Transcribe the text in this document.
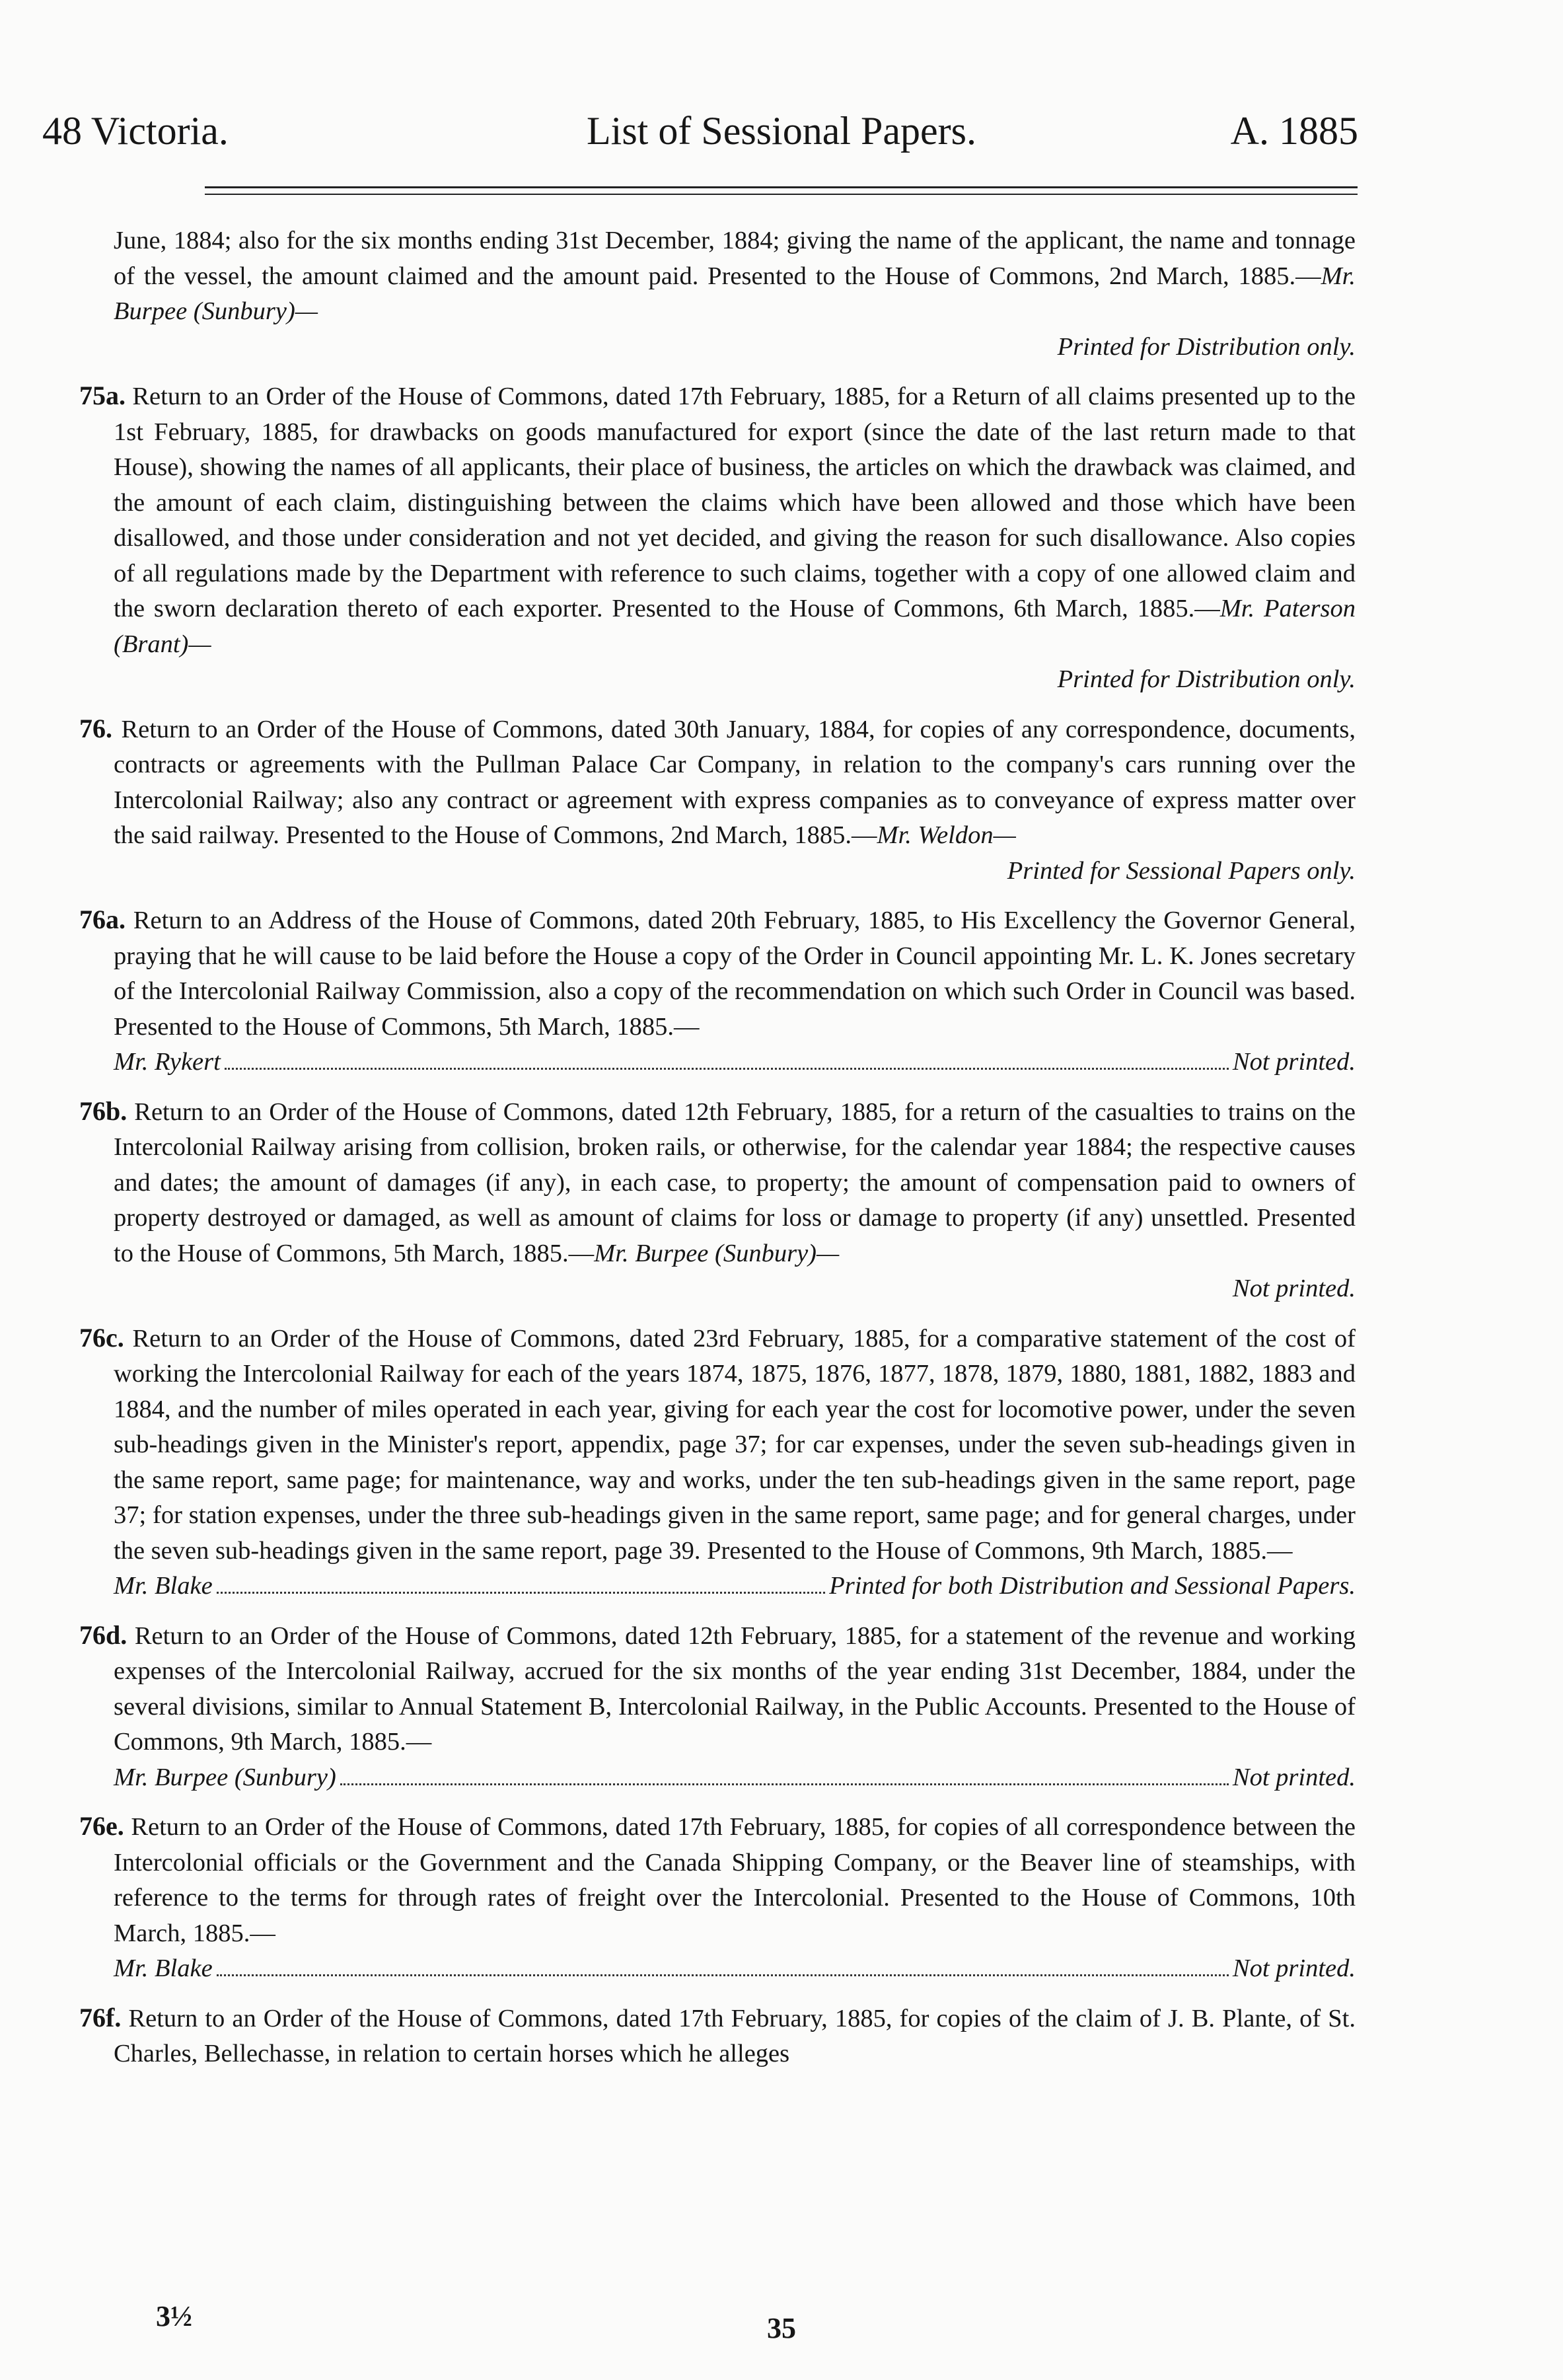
48 Victoria.	List of Sessional Papers.	A. 1885
June, 1884; also for the six months ending 31st December, 1884; giving the name of the applicant, the name and tonnage of the vessel, the amount claimed and the amount paid. Presented to the House of Commons, 2nd March, 1885.—Mr. Burpee (Sunbury)—
Printed for Distribution only.
75a. Return to an Order of the House of Commons, dated 17th February, 1885, for a Return of all claims presented up to the 1st February, 1885, for drawbacks on goods manufactured for export (since the date of the last return made to that House), showing the names of all applicants, their place of business, the articles on which the drawback was claimed, and the amount of each claim, distinguishing between the claims which have been allowed and those which have been disallowed, and those under consideration and not yet decided, and giving the reason for such disallowance. Also copies of all regulations made by the Department with reference to such claims, together with a copy of one allowed claim and the sworn declaration thereto of each exporter. Presented to the House of Commons, 6th March, 1885.—Mr. Paterson (Brant)—
Printed for Distribution only.
76. Return to an Order of the House of Commons, dated 30th January, 1884, for copies of any correspondence, documents, contracts or agreements with the Pullman Palace Car Company, in relation to the company's cars running over the Intercolonial Railway; also any contract or agreement with express companies as to conveyance of express matter over the said railway. Presented to the House of Commons, 2nd March, 1885.—Mr. Weldon—
Printed for Sessional Papers only.
76a. Return to an Address of the House of Commons, dated 20th February, 1885, to His Excellency the Governor General, praying that he will cause to be laid before the House a copy of the Order in Council appointing Mr. L. K. Jones secretary of the Intercolonial Railway Commission, also a copy of the recommendation on which such Order in Council was based. Presented to the House of Commons, 5th March, 1885.—
Mr. Rykert	Not printed.
76b. Return to an Order of the House of Commons, dated 12th February, 1885, for a return of the casualties to trains on the Intercolonial Railway arising from collision, broken rails, or otherwise, for the calendar year 1884; the respective causes and dates; the amount of damages (if any), in each case, to property; the amount of compensation paid to owners of property destroyed or damaged, as well as amount of claims for loss or damage to property (if any) unsettled. Presented to the House of Commons, 5th March, 1885.—Mr. Burpee (Sunbury)—
Not printed.
76c. Return to an Order of the House of Commons, dated 23rd February, 1885, for a comparative statement of the cost of working the Intercolonial Railway for each of the years 1874, 1875, 1876, 1877, 1878, 1879, 1880, 1881, 1882, 1883 and 1884, and the number of miles operated in each year, giving for each year the cost for locomotive power, under the seven sub-headings given in the Minister's report, appendix, page 37; for car expenses, under the seven sub-headings given in the same report, same page; for maintenance, way and works, under the ten sub-headings given in the same report, page 37; for station expenses, under the three sub-headings given in the same report, same page; and for general charges, under the seven sub-headings given in the same report, page 39. Presented to the House of Commons, 9th March, 1885.—
Mr. Blake	Printed for both Distribution and Sessional Papers.
76d. Return to an Order of the House of Commons, dated 12th February, 1885, for a statement of the revenue and working expenses of the Intercolonial Railway, accrued for the six months of the year ending 31st December, 1884, under the several divisions, similar to Annual Statement B, Intercolonial Railway, in the Public Accounts. Presented to the House of Commons, 9th March, 1885.—
Mr. Burpee (Sunbury)	Not printed.
76e. Return to an Order of the House of Commons, dated 17th February, 1885, for copies of all correspondence between the Intercolonial officials or the Government and the Canada Shipping Company, or the Beaver line of steamships, with reference to the terms for through rates of freight over the Intercolonial. Presented to the House of Commons, 10th March, 1885.—
Mr. Blake	Not printed.
76f. Return to an Order of the House of Commons, dated 17th February, 1885, for copies of the claim of J. B. Plante, of St. Charles, Bellechasse, in relation to certain horses which he alleges
3½	35
